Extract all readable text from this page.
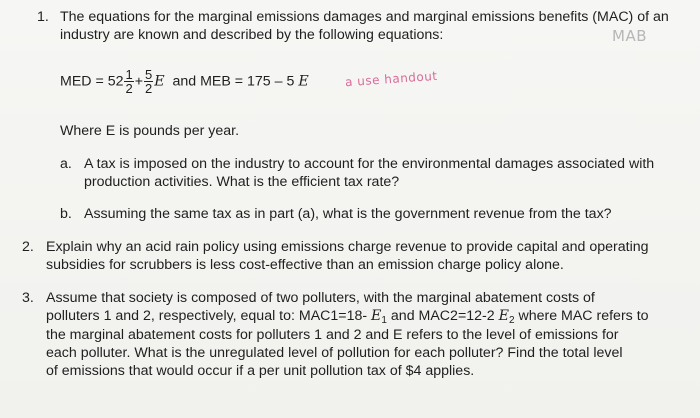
1. The equations for the marginal emissions damages and marginal emissions benefits (MAC) of an
industry are known and described by the following equations:	MAB
MED = $52 \frac{1}{2} + \frac{5}{2}$ E and MEB = 175 – 5 E	a use handout
Where E is pounds per year.
a. A tax is imposed on the industry to account for the environmental damages associated with
production activities. What is the efficient tax rate?
b. Assuming the same tax as in part (a), what is the government revenue from the tax?
2. Explain why an acid rain policy using emissions charge revenue to provide capital and operating
subsidies for scrubbers is less cost-effective than an emission charge policy alone.
3. Assume that society is composed of two polluters, with the marginal abatement costs of
polluters 1 and 2, respectively, equal to: MAC1=18- $E_1$ and MAC2=12-2 $E_2$ where MAC refers to
the marginal abatement costs for polluters 1 and 2 and E refers to the level of emissions for
each polluter. What is the unregulated level of pollution for each polluter? Find the total level
of emissions that would occur if a per unit pollution tax of $4 applies.
